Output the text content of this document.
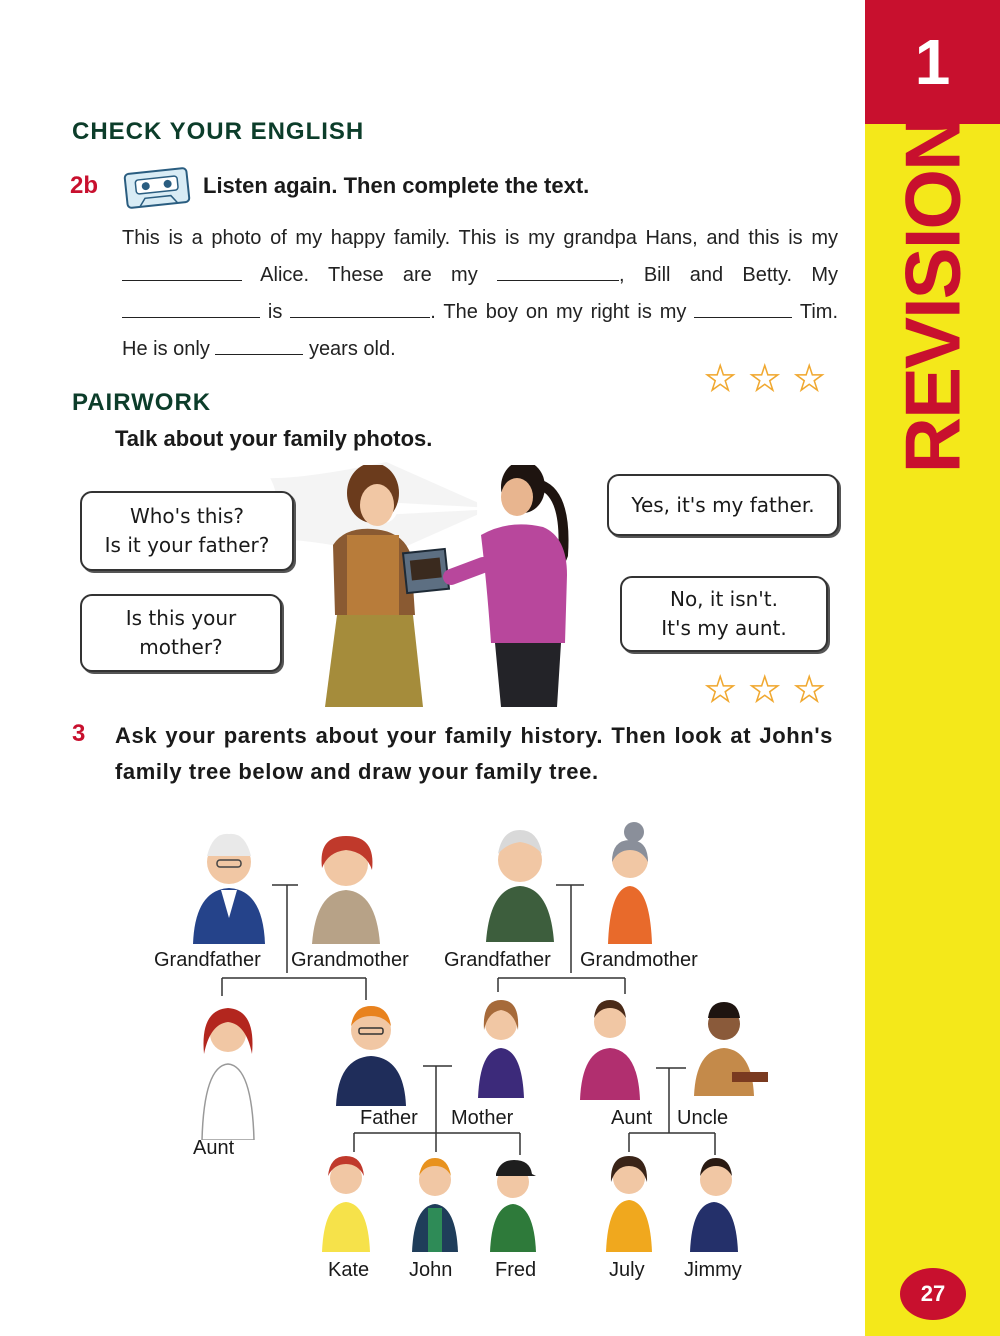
1
REVISION
27
CHECK YOUR ENGLISH
2b	Listen again. Then complete the text.
This is a photo of my happy family. This is my grandpa Hans, and this is my  Alice. These are my	, Bill and Betty. My  is	. The boy on my right is my	Tim. He is only	years old.
★ ★ ★
PAIRWORK
Talk about your family photos.
Who's this?
Is it your father?
Is this your
mother?
Yes, it's my father.
No, it isn't.
It's my aunt.
★ ★ ★
3 Ask your parents about your family history. Then look at John's family tree below and draw your family tree.
Grandfather Grandmother Grandfather Grandmother
Aunt
Father Mother	Aunt Uncle
Kate John Fred	July Jimmy
